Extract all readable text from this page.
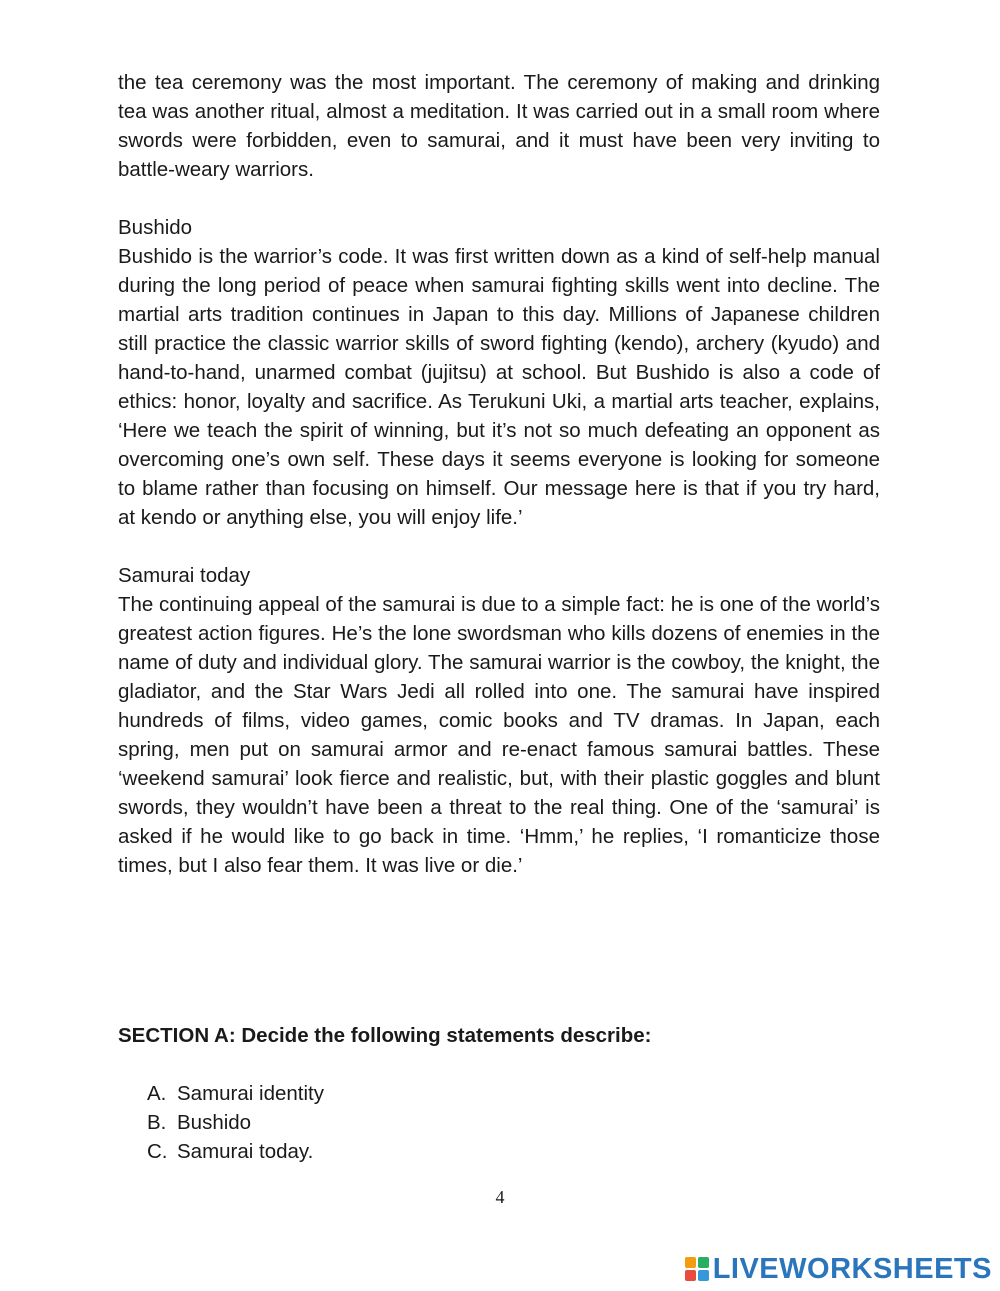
the tea ceremony was the most important. The ceremony of making and drinking tea was another ritual, almost a meditation. It was carried out in a small room where swords were forbidden, even to samurai, and it must have been very inviting to battle-weary warriors.

Bushido

Bushido is the warrior’s code. It was first written down as a kind of self-help manual during the long period of peace when samurai fighting skills went into decline. The martial arts tradition continues in Japan to this day. Millions of Japanese children still practice the classic warrior skills of sword fighting (kendo), archery (kyudo) and hand-to-hand, unarmed combat (jujitsu) at school. But Bushido is also a code of ethics: honor, loyalty and sacrifice. As Terukuni Uki, a martial arts teacher, explains, ‘Here we teach the spirit of winning, but it’s not so much defeating an opponent as overcoming one’s own self. These days it seems everyone is looking for someone to blame rather than focusing on himself. Our message here is that if you try hard, at kendo or anything else, you will enjoy life.’

Samurai today

The continuing appeal of the samurai is due to a simple fact: he is one of the world’s greatest action figures. He’s the lone swordsman who kills dozens of enemies in the name of duty and individual glory. The samurai warrior is the cowboy, the knight, the gladiator, and the Star Wars Jedi all rolled into one. The samurai have inspired hundreds of films, video games, comic books and TV dramas. In Japan, each spring, men put on samurai armor and re-enact famous samurai battles. These ‘weekend samurai’ look fierce and realistic, but, with their plastic goggles and blunt swords, they wouldn’t have been a threat to the real thing. One of the ‘samurai’ is asked if he would like to go back in time. ‘Hmm,’ he replies, ‘I romanticize those times, but I also fear them. It was live or die.’

SECTION A: Decide the following statements describe:

A. Samurai identity
B. Bushido
C. Samurai today.
4
LIVEWORKSHEETS
